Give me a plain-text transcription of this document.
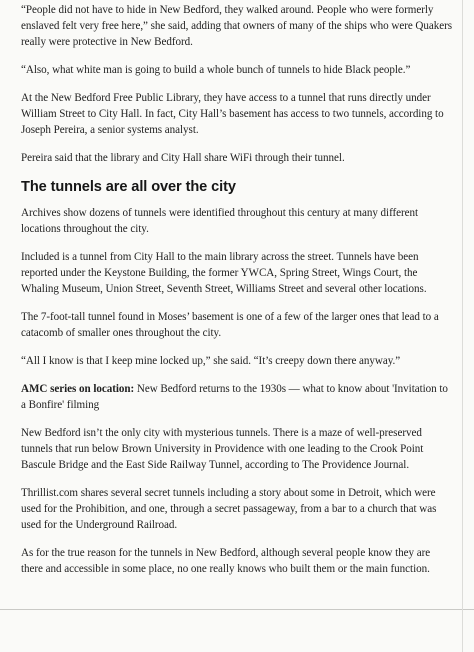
“People did not have to hide in New Bedford, they walked around. People who were formerly enslaved felt very free here,” she said, adding that owners of many of the ships who were Quakers really were protective in New Bedford.

“Also, what white man is going to build a whole bunch of tunnels to hide Black people.”

At the New Bedford Free Public Library, they have access to a tunnel that runs directly under William Street to City Hall. In fact, City Hall’s basement has access to two tunnels, according to Joseph Pereira, a senior systems analyst.

Pereira said that the library and City Hall share WiFi through their tunnel.

The tunnels are all over the city

Archives show dozens of tunnels were identified throughout this century at many different locations throughout the city.

Included is a tunnel from City Hall to the main library across the street. Tunnels have been reported under the Keystone Building, the former YWCA, Spring Street, Wings Court, the Whaling Museum, Union Street, Seventh Street, Williams Street and several other locations.

The 7-foot-tall tunnel found in Moses’ basement is one of a few of the larger ones that lead to a catacomb of smaller ones throughout the city.

“All I know is that I keep mine locked up,” she said. “It’s creepy down there anyway.”

AMC series on location: New Bedford returns to the 1930s — what to know about 'Invitation to a Bonfire' filming

New Bedford isn’t the only city with mysterious tunnels. There is a maze of well-preserved tunnels that run below Brown University in Providence with one leading to the Crook Point Bascule Bridge and the East Side Railway Tunnel, according to The Providence Journal.

Thrillist.com shares several secret tunnels including a story about some in Detroit, which were used for the Prohibition, and one, through a secret passageway, from a bar to a church that was used for the Underground Railroad.

As for the true reason for the tunnels in New Bedford, although several people know they are there and accessible in some place, no one really knows who built them or the main function.
